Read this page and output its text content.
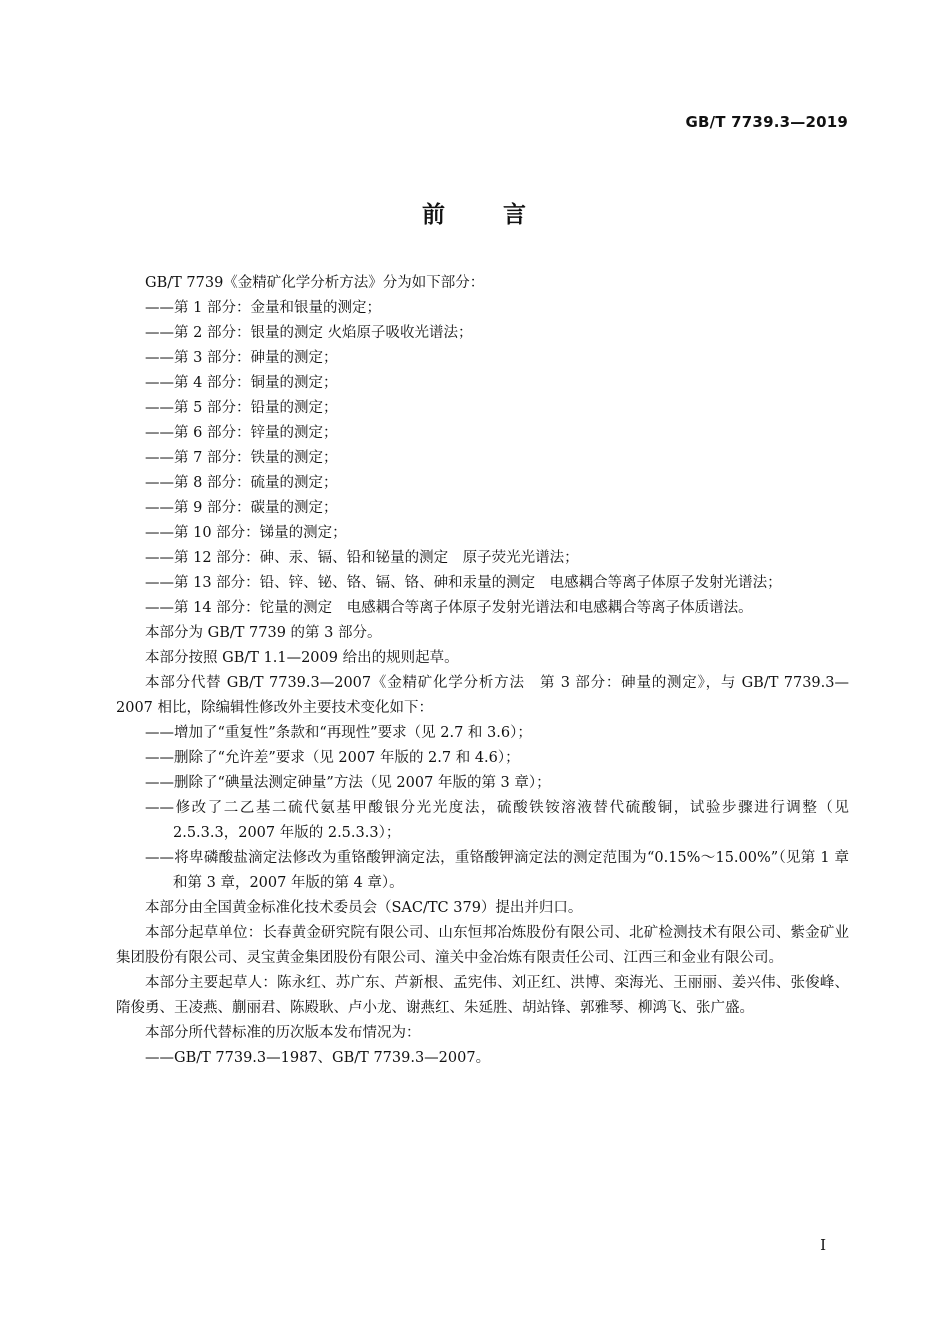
GB/T 7739.3—2019
前 言

GB/T 7739《金精矿化学分析方法》分为如下部分：

——第 1 部分：金量和银量的测定；

——第 2 部分：银量的测定 火焰原子吸收光谱法；

——第 3 部分：砷量的测定；

——第 4 部分：铜量的测定；

——第 5 部分：铅量的测定；

——第 6 部分：锌量的测定；

——第 7 部分：铁量的测定；

——第 8 部分：硫量的测定；

——第 9 部分：碳量的测定；

——第 10 部分：锑量的测定；

——第 12 部分：砷、汞、镉、铅和铋量的测定　原子荧光光谱法；

——第 13 部分：铅、锌、铋、铬、镉、铬、砷和汞量的测定　电感耦合等离子体原子发射光谱法；

——第 14 部分：铊量的测定　电感耦合等离子体原子发射光谱法和电感耦合等离子体质谱法。

本部分为 GB/T 7739 的第 3 部分。

本部分按照 GB/T 1.1—2009 给出的规则起草。

本部分代替 GB/T 7739.3—2007《金精矿化学分析方法　第 3 部分：砷量的测定》，与 GB/T 7739.3—2007 相比，除编辑性修改外主要技术变化如下：

——增加了“重复性”条款和“再现性”要求（见 2.7 和 3.6）；

——删除了“允许差”要求（见 2007 年版的 2.7 和 4.6）；

——删除了“碘量法测定砷量”方法（见 2007 年版的第 3 章）；

——修改了二乙基二硫代氨基甲酸银分光光度法，硫酸铁铵溶液替代硫酸铜，试验步骤进行调整（见 2.5.3.3，2007 年版的 2.5.3.3）；

——将卑磷酸盐滴定法修改为重铬酸钾滴定法，重铬酸钾滴定法的测定范围为“0.15%～15.00%”（见第 1 章和第 3 章，2007 年版的第 4 章）。

本部分由全国黄金标准化技术委员会（SAC/TC 379）提出并归口。

本部分起草单位：长春黄金研究院有限公司、山东恒邦冶炼股份有限公司、北矿检测技术有限公司、紫金矿业集团股份有限公司、灵宝黄金集团股份有限公司、潼关中金冶炼有限责任公司、江西三和金业有限公司。

本部分主要起草人：陈永红、苏广东、芦新根、孟宪伟、刘正红、洪博、栾海光、王丽丽、姜兴伟、张俊峰、隋俊勇、王凌燕、蒯丽君、陈殿耿、卢小龙、谢燕红、朱延胜、胡站锋、郭雅琴、柳鸿飞、张广盛。

本部分所代替标准的历次版本发布情况为：

——GB/T 7739.3—1987、GB/T 7739.3—2007。

I
